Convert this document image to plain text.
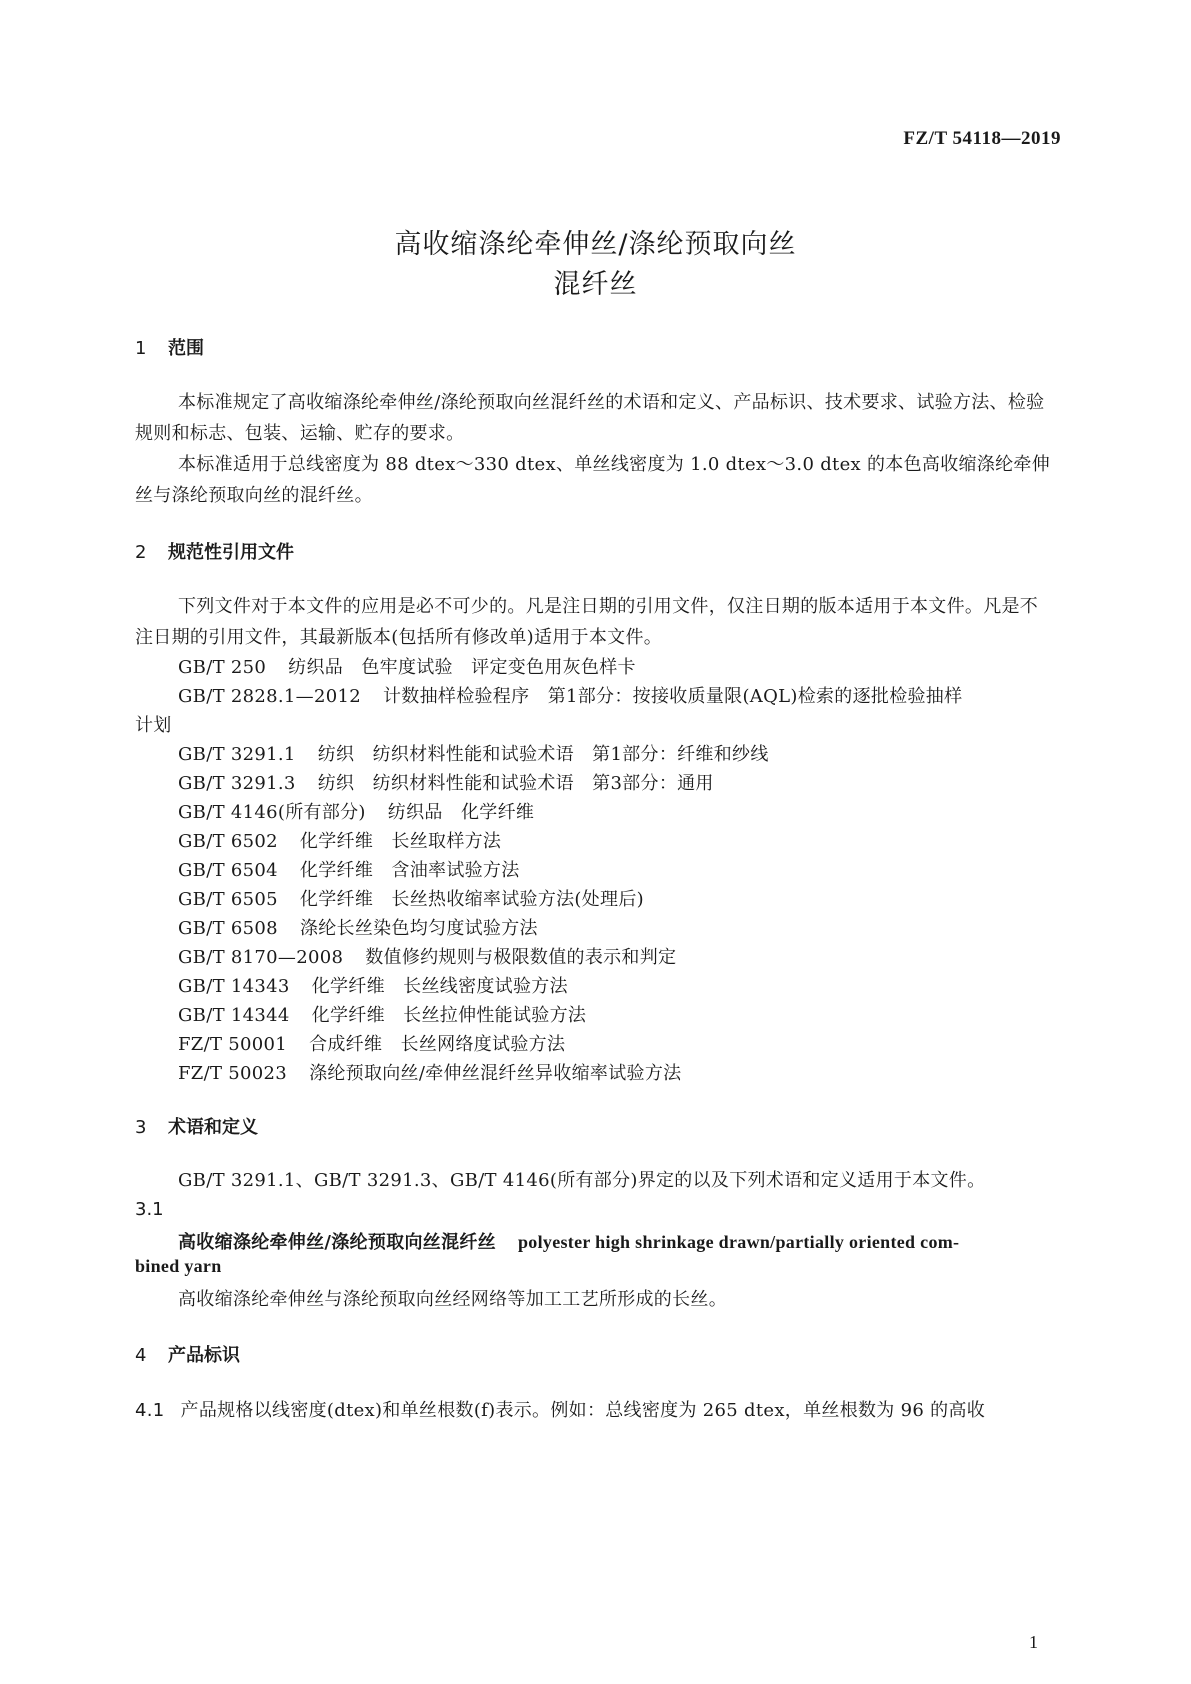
FZ/T 54118—2019
高收缩涤纶牵伸丝/涤纶预取向丝
混纤丝
1 范围
本标准规定了高收缩涤纶牵伸丝/涤纶预取向丝混纤丝的术语和定义、产品标识、技术要求、试验方法、检验规则和标志、包装、运输、贮存的要求。
本标准适用于总线密度为 88 dtex～330 dtex、单丝线密度为 1.0 dtex～3.0 dtex 的本色高收缩涤纶牵伸丝与涤纶预取向丝的混纤丝。
2 规范性引用文件
下列文件对于本文件的应用是必不可少的。凡是注日期的引用文件，仅注日期的版本适用于本文件。凡是不注日期的引用文件，其最新版本(包括所有修改单)适用于本文件。
GB/T 250 纺织品　色牢度试验　评定变色用灰色样卡
GB/T 2828.1—2012 计数抽样检验程序　第1部分：按接收质量限(AQL)检索的逐批检验抽样
计划
GB/T 3291.1 纺织　纺织材料性能和试验术语　第1部分：纤维和纱线
GB/T 3291.3 纺织　纺织材料性能和试验术语　第3部分：通用
GB/T 4146(所有部分) 纺织品　化学纤维
GB/T 6502 化学纤维　长丝取样方法
GB/T 6504 化学纤维　含油率试验方法
GB/T 6505 化学纤维　长丝热收缩率试验方法(处理后)
GB/T 6508 涤纶长丝染色均匀度试验方法
GB/T 8170—2008 数值修约规则与极限数值的表示和判定
GB/T 14343 化学纤维　长丝线密度试验方法
GB/T 14344 化学纤维　长丝拉伸性能试验方法
FZ/T 50001 合成纤维　长丝网络度试验方法
FZ/T 50023 涤纶预取向丝/牵伸丝混纤丝异收缩率试验方法
3 术语和定义
GB/T 3291.1、GB/T 3291.3、GB/T 4146(所有部分)界定的以及下列术语和定义适用于本文件。
3.1
高收缩涤纶牵伸丝/涤纶预取向丝混纤丝 polyester high shrinkage drawn/partially oriented com-
bined yarn
高收缩涤纶牵伸丝与涤纶预取向丝经网络等加工工艺所形成的长丝。
4 产品标识
4.1 产品规格以线密度(dtex)和单丝根数(f)表示。例如：总线密度为 265 dtex，单丝根数为 96 的高收
1
